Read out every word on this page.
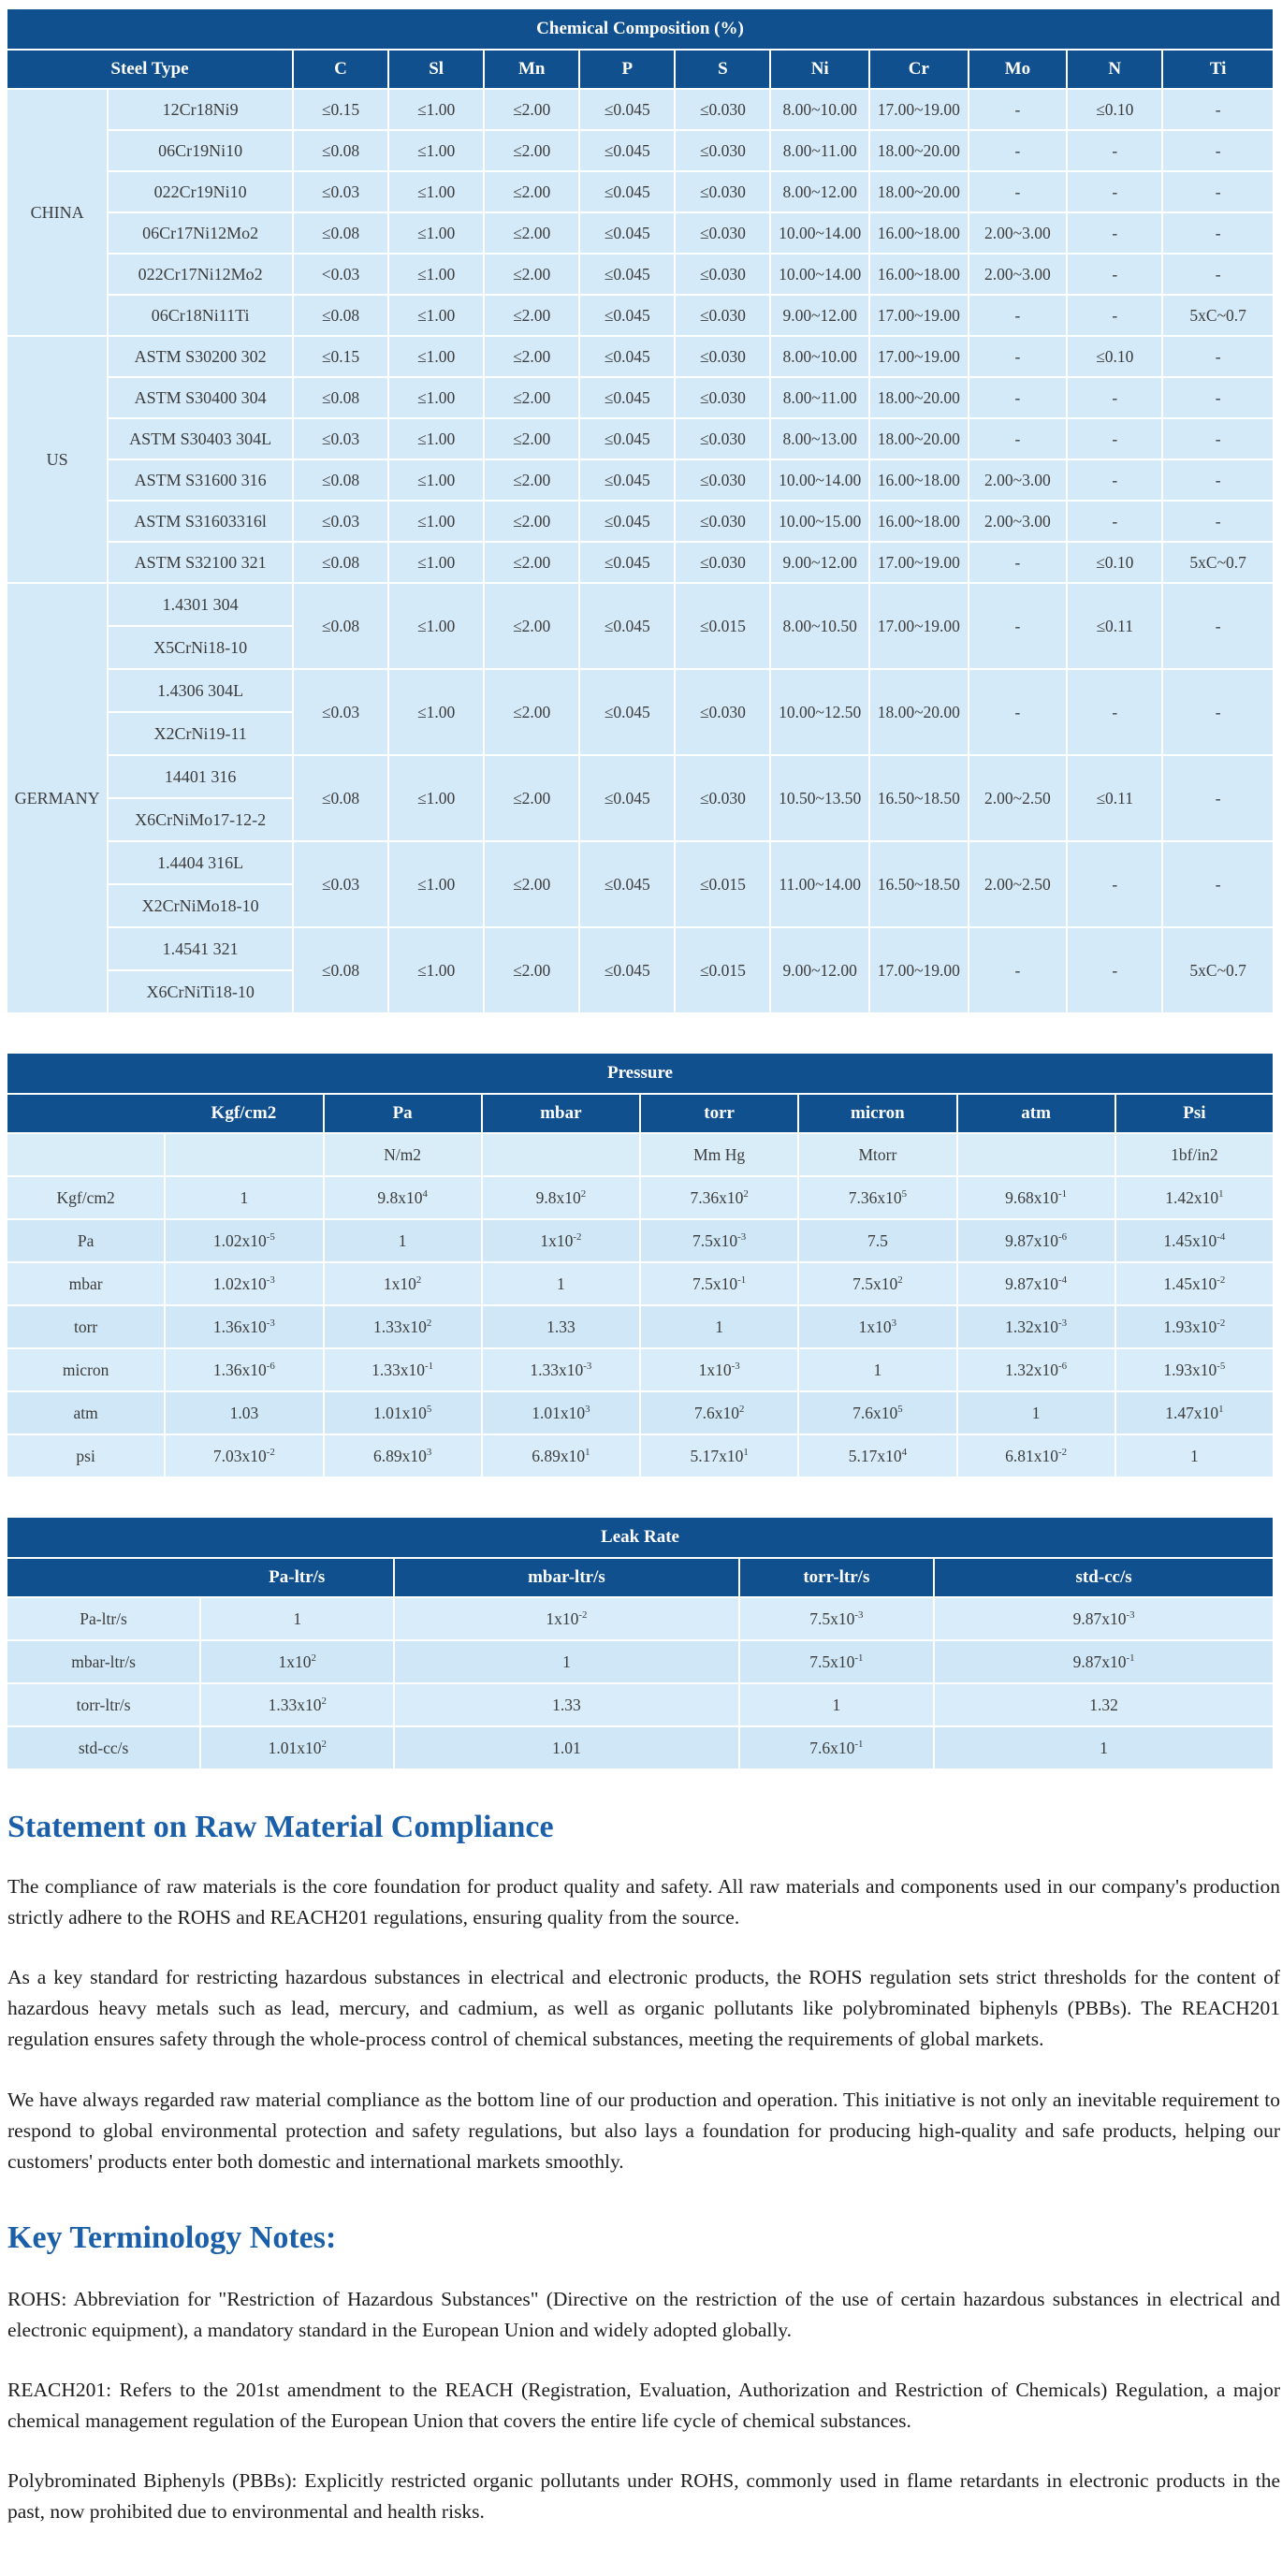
Chemical Composition (%)											
Steel Type		C	Sl	Mn	P	S	Ni	Cr	Mo	N	Ti
CHINA	12Cr18Ni9	≤0.15	≤1.00	≤2.00	≤0.045	≤0.030	8.00~10.00	17.00~19.00	-	≤0.10	-
	06Cr19Ni10	≤0.08	≤1.00	≤2.00	≤0.045	≤0.030	8.00~11.00	18.00~20.00	-	-	-
	022Cr19Ni10	≤0.03	≤1.00	≤2.00	≤0.045	≤0.030	8.00~12.00	18.00~20.00	-	-	-
	06Cr17Ni12Mo2	≤0.08	≤1.00	≤2.00	≤0.045	≤0.030	10.00~14.00	16.00~18.00	2.00~3.00	-	-
	022Cr17Ni12Mo2	<0.03	≤1.00	≤2.00	≤0.045	≤0.030	10.00~14.00	16.00~18.00	2.00~3.00	-	-
	06Cr18Ni11Ti	≤0.08	≤1.00	≤2.00	≤0.045	≤0.030	9.00~12.00	17.00~19.00	-	-	5xC~0.7
US	ASTM S30200 302	≤0.15	≤1.00	≤2.00	≤0.045	≤0.030	8.00~10.00	17.00~19.00	-	≤0.10	-
	ASTM S30400 304	≤0.08	≤1.00	≤2.00	≤0.045	≤0.030	8.00~11.00	18.00~20.00	-	-	-
	ASTM S30403 304L	≤0.03	≤1.00	≤2.00	≤0.045	≤0.030	8.00~13.00	18.00~20.00	-	-	-
	ASTM S31600 316	≤0.08	≤1.00	≤2.00	≤0.045	≤0.030	10.00~14.00	16.00~18.00	2.00~3.00	-	-
	ASTM S31603316l	≤0.03	≤1.00	≤2.00	≤0.045	≤0.030	10.00~15.00	16.00~18.00	2.00~3.00	-	-
	ASTM S32100 321	≤0.08	≤1.00	≤2.00	≤0.045	≤0.030	9.00~12.00	17.00~19.00	-	≤0.10	5xC~0.7
GERMANY	1.4301 304	≤0.08	≤1.00	≤2.00	≤0.045	≤0.015	8.00~10.50	17.00~19.00	-	≤0.11	-
	X5CrNi18-10										
	1.4306 304L	≤0.03	≤1.00	≤2.00	≤0.045	≤0.030	10.00~12.50	18.00~20.00	-	-	-
	X2CrNi19-11										
	14401 316	≤0.08	≤1.00	≤2.00	≤0.045	≤0.030	10.50~13.50	16.50~18.50	2.00~2.50	≤0.11	-
	X6CrNiMo17-12-2										
	1.4404 316L	≤0.03	≤1.00	≤2.00	≤0.045	≤0.015	11.00~14.00	16.50~18.50	2.00~2.50	-	-
	X2CrNiMo18-10										
	1.4541 321	≤0.08	≤1.00	≤2.00	≤0.045	≤0.015	9.00~12.00	17.00~19.00	-	-	5xC~0.7
	X6CrNiTi18-10										
Pressure							
	Kgf/cm2	Pa	mbar	torr	micron	atm	Psi
		N/m2		Mm Hg	Mtorr		1bf/in2
Kgf/cm2	1	$9.8x10^4$	$9.8x10^2$	$7.36x10^2$	$7.36x10^5$	$9.68x10^{-1}$	$1.42x10^1$
Pa	$1.02x10^{-5}$	1	$1x10^{-2}$	$7.5x10^{-3}$	7.5	$9.87x10^{-6}$	$1.45x10^{-4}$
mbar	$1.02x10^{-3}$	$1x10^2$	1	$7.5x10^{-1}$	$7.5x10^2$	$9.87x10^{-4}$	$1.45x10^{-2}$
torr	$1.36x10^{-3}$	$1.33x10^2$	1.33	1	$1x10^3$	$1.32x10^{-3}$	$1.93x10^{-2}$
micron	$1.36x10^{-6}$	$1.33x10^{-1}$	$1.33x10^{-3}$	$1x10^{-3}$	1	$1.32x10^{-6}$	$1.93x10^{-5}$
atm	1.03	$1.01x10^5$	$1.01x10^3$	$7.6x10^2$	$7.6x10^5$	1	$1.47x10^1$
psi	$7.03x10^{-2}$	$6.89x10^3$	$6.89x10^1$	$5.17x10^1$	$5.17x10^4$	$6.81x10^{-2}$	1
Leak Rate				
	Pa-ltr/s	mbar-ltr/s	torr-ltr/s	std-cc/s
Pa-ltr/s	1	$1x10^{-2}$	$7.5x10^{-3}$	$9.87x10^{-3}$
mbar-ltr/s	$1x10^2$	1	$7.5x10^{-1}$	$9.87x10^{-1}$
torr-ltr/s	$1.33x10^2$	1.33	1	1.32
std-cc/s	$1.01x10^2$	1.01	$7.6x10^{-1}$	1
Statement on Raw Material Compliance

The compliance of raw materials is the core foundation for product quality and safety. All raw materials and components used in our company's production strictly adhere to the ROHS and REACH201 regulations, ensuring quality from the source.

As a key standard for restricting hazardous substances in electrical and electronic products, the ROHS regulation sets strict thresholds for the content of hazardous heavy metals such as lead, mercury, and cadmium, as well as organic pollutants like polybrominated biphenyls (PBBs). The REACH201 regulation ensures safety through the whole-process control of chemical substances, meeting the requirements of global markets.

We have always regarded raw material compliance as the bottom line of our production and operation. This initiative is not only an inevitable requirement to respond to global environmental protection and safety regulations, but also lays a foundation for producing high-quality and safe products, helping our customers' products enter both domestic and international markets smoothly.

Key Terminology Notes:

ROHS: Abbreviation for "Restriction of Hazardous Substances" (Directive on the restriction of the use of certain hazardous substances in electrical and electronic equipment), a mandatory standard in the European Union and widely adopted globally.

REACH201: Refers to the 201st amendment to the REACH (Registration, Evaluation, Authorization and Restriction of Chemicals) Regulation, a major chemical management regulation of the European Union that covers the entire life cycle of chemical substances.

Polybrominated Biphenyls (PBBs): Explicitly restricted organic pollutants under ROHS, commonly used in flame retardants in electronic products in the past, now prohibited due to environmental and health risks.
